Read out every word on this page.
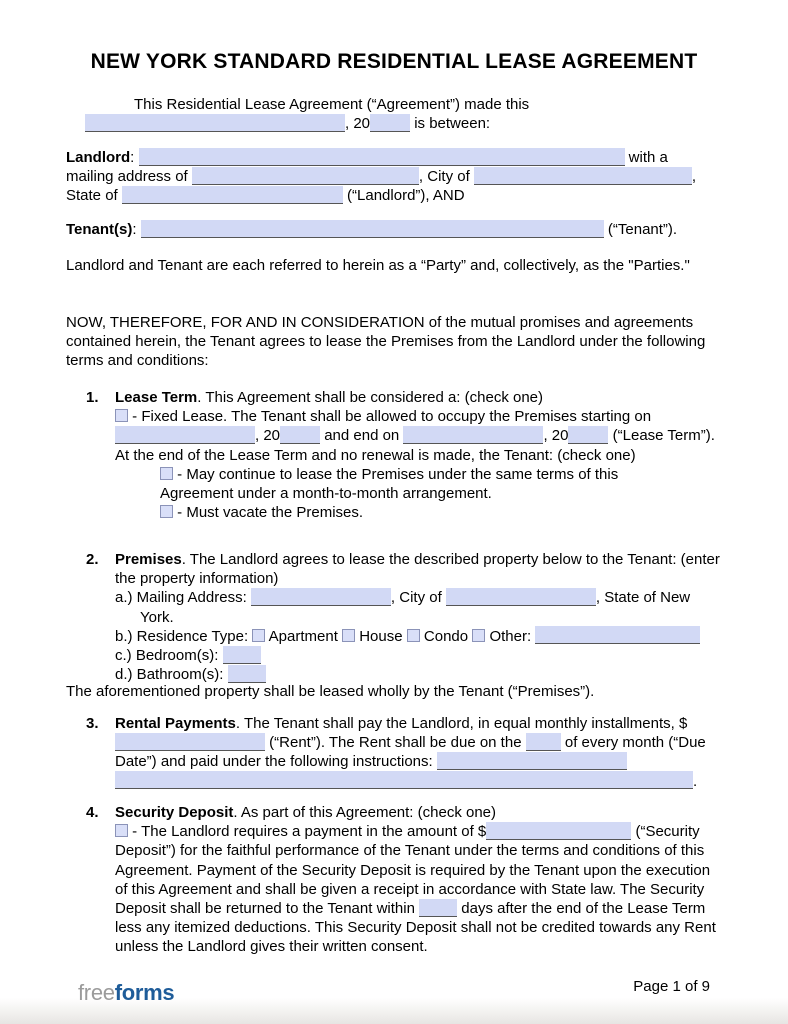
NEW YORK STANDARD RESIDENTIAL LEASE AGREEMENT
This Residential Lease Agreement (“Agreement”) made this
, 20	is between:
Landlord:	with a
mailing address of	, City of	,
State of	(“Landlord”), AND
Tenant(s):	(“Tenant”).
Landlord and Tenant are each referred to herein as a “Party” and, collectively, as the "Parties."
NOW, THEREFORE, FOR AND IN CONSIDERATION of the mutual promises and agreements contained herein, the Tenant agrees to lease the Premises from the Landlord under the following terms and conditions:
1. Lease Term. This Agreement shall be considered a: (check one)
- Fixed Lease. The Tenant shall be allowed to occupy the Premises starting on , 20	and end on	, 20	(“Lease Term”). At the end of the Lease Term and no renewal is made, the Tenant: (check one)
- May continue to lease the Premises under the same terms of this Agreement under a month-to-month arrangement.
- Must vacate the Premises.
2. Premises. The Landlord agrees to lease the described property below to the Tenant: (enter the property information)
a.) Mailing Address:	, City of	, State of New York.
b.) Residence Type:  Apartment House Condo Other:
c.) Bedroom(s):
d.) Bathroom(s):
The aforementioned property shall be leased wholly by the Tenant (“Premises”).
3. Rental Payments. The Tenant shall pay the Landlord, in equal monthly installments, $ (“Rent”). The Rent shall be due on the  of every month (“Due Date”) and paid under the following instructions: .
4. Security Deposit. As part of this Agreement: (check one)
- The Landlord requires a payment in the amount of $	(“Security Deposit”) for the faithful performance of the Tenant under the terms and conditions of this Agreement. Payment of the Security Deposit is required by the Tenant upon the execution of this Agreement and shall be given a receipt in accordance with State law. The Security Deposit shall be returned to the Tenant within	days after the end of the Lease Term less any itemized deductions. This Security Deposit shall not be credited towards any Rent unless the Landlord gives their written consent.
freeforms	Page 1 of 9
